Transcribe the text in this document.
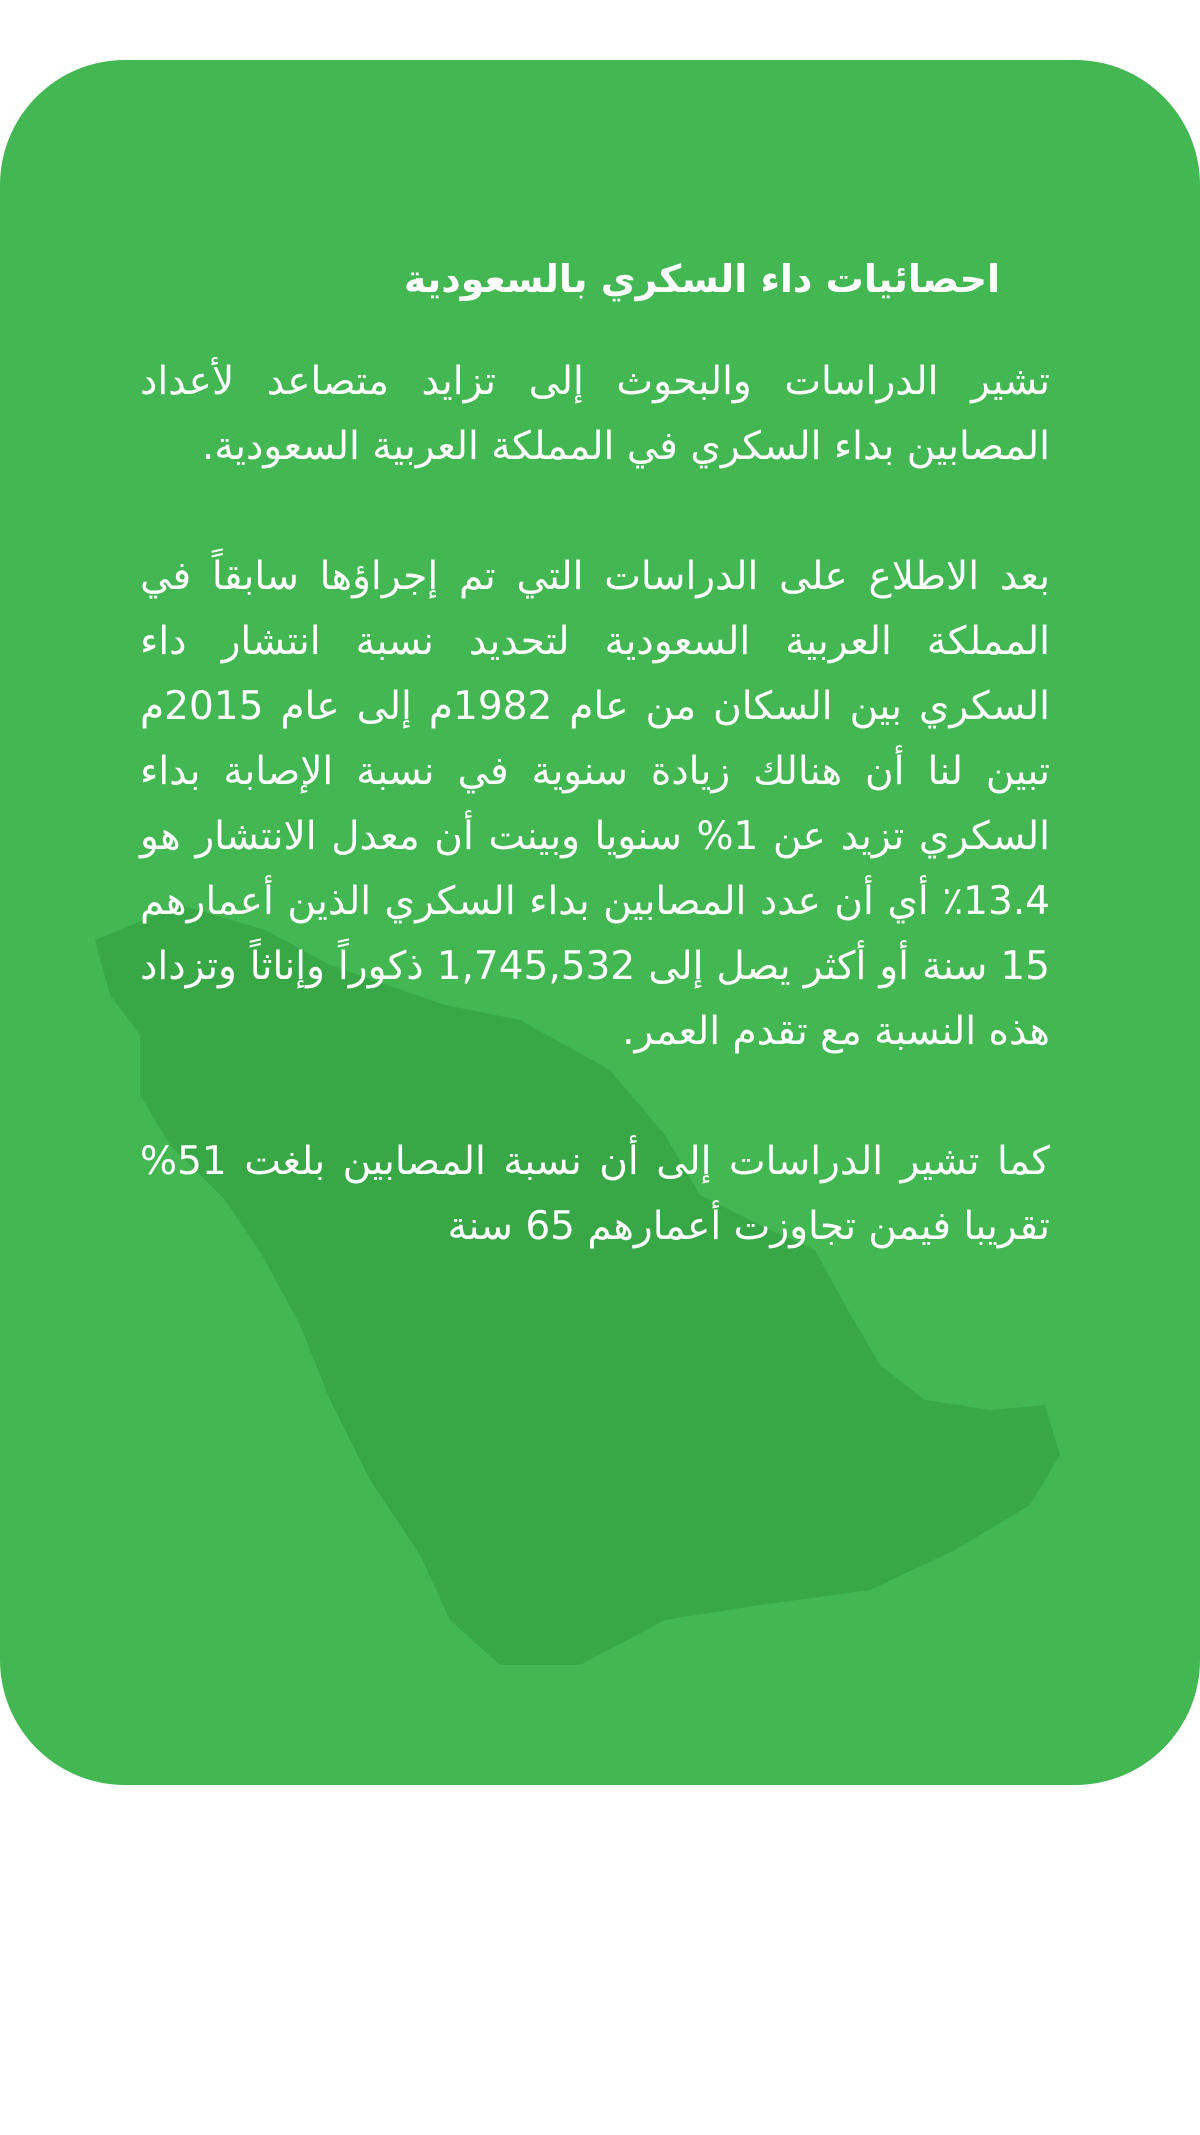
احصائيات داء السكري بالسعودية

تشير الدراسات والبحوث إلى تزايد متصاعد لأعداد المصابين بداء السكري في المملكة العربية السعودية.

بعد الاطلاع على الدراسات التي تم إجراؤها سابقاً في المملكة العربية السعودية لتحديد نسبة انتشار داء السكري بين السكان من عام 1982م إلى عام 2015م تبين لنا أن هنالك زيادة سنوية في نسبة الإصابة بداء السكري تزيد عن 1% سنويا وبينت أن معدل الانتشار هو 13.4٪ أي أن عدد المصابين بداء السكري الذين أعمارهم 15 سنة أو أكثر يصل إلى 1,745,532 ذكوراً وإناثاً وتزداد هذه النسبة مع تقدم العمر.

كما تشير الدراسات إلى أن نسبة المصابين بلغت 51% تقريبا فيمن تجاوزت أعمارهم 65 سنة
